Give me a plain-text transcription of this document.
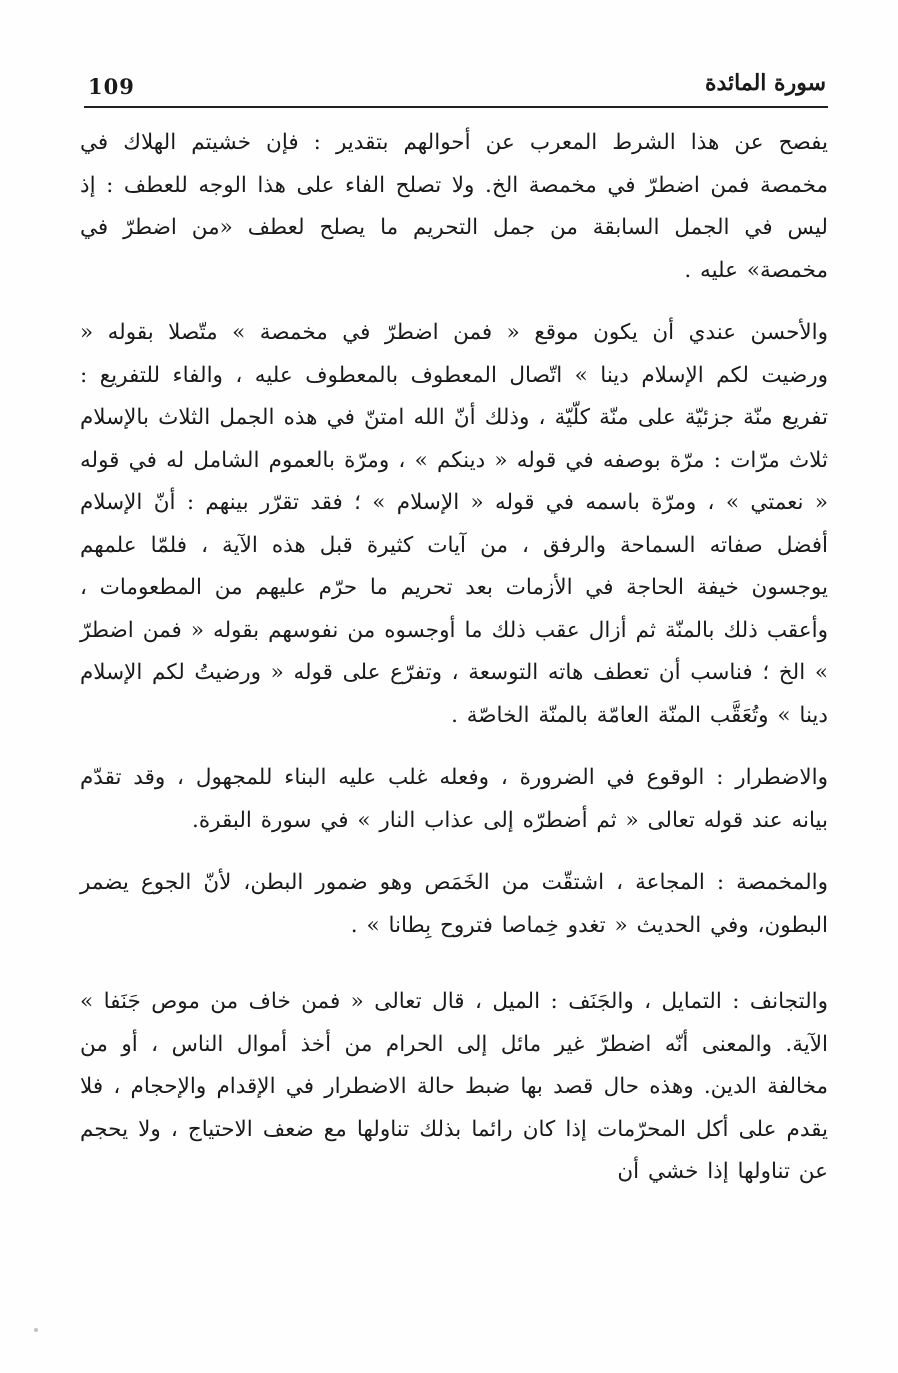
109	سورة المائدة

يفصح عن هذا الشرط المعرب عن أحوالهم بتقدير : فإن خشيتم الهلاك في مخمصة فمن اضطرّ في مخمصة الخ. ولا تصلح الفاء على هذا الوجه للعطف : إذ ليس في الجمل السابقة من جمل التحريم ما يصلح لعطف «من اضطرّ في مخمصة» عليه .

والأحسن عندي أن يكون موقع « فمن اضطرّ في مخمصة » متّصلا بقوله « ورضيت لكم الإسلام دينا » اتّصال المعطوف بالمعطوف عليه ، والفاء للتفريع : تفريع منّة جزئيّة على منّة كلّيّة ، وذلك أنّ الله امتنّ في هذه الجمل الثلاث بالإسلام ثلاث مرّات : مرّة بوصفه في قوله « دينكم » ، ومرّة بالعموم الشامل له في قوله « نعمتي » ، ومرّة باسمه في قوله « الإسلام » ؛ فقد تقرّر بينهم : أنّ الإسلام أفضل صفاته السماحة والرفق ، من آيات كثيرة قبل هذه الآية ، فلمّا علمهم يوجسون خيفة الحاجة في الأزمات بعد تحريم ما حرّم عليهم من المطعومات ، وأعقب ذلك بالمنّة ثم أزال عقب ذلك ما أوجسوه من نفوسهم بقوله « فمن اضطرّ » الخ ؛ فناسب أن تعطف هاته التوسعة ، وتفرّع على قوله « ورضيتُ لكم الإسلام دينا » وتُعَقَّب المنّة العامّة بالمنّة الخاصّة .

والاضطرار : الوقوع في الضرورة ، وفعله غلب عليه البناء للمجهول ، وقد تقدّم بيانه عند قوله تعالى « ثم أضطرّه إلى عذاب النار » في سورة البقرة.

والمخمصة : المجاعة ، اشتقّت من الخَمَص وهو ضمور البطن، لأنّ الجوع يضمر البطون، وفي الحديث « تغدو خِماصا فتروح بِطانا » .

والتجانف : التمايل ، والجَنَف : الميل ، قال تعالى « فمن خاف من موص جَنَفا » الآية. والمعنى أنّه اضطرّ غير مائل إلى الحرام من أخذ أموال الناس ، أو من مخالفة الدين. وهذه حال قصد بها ضبط حالة الاضطرار في الإقدام والإحجام ، فلا يقدم على أكل المحرّمات إذا كان رائما بذلك تناولها مع ضعف الاحتياج ، ولا يحجم عن تناولها إذا خشي أن
